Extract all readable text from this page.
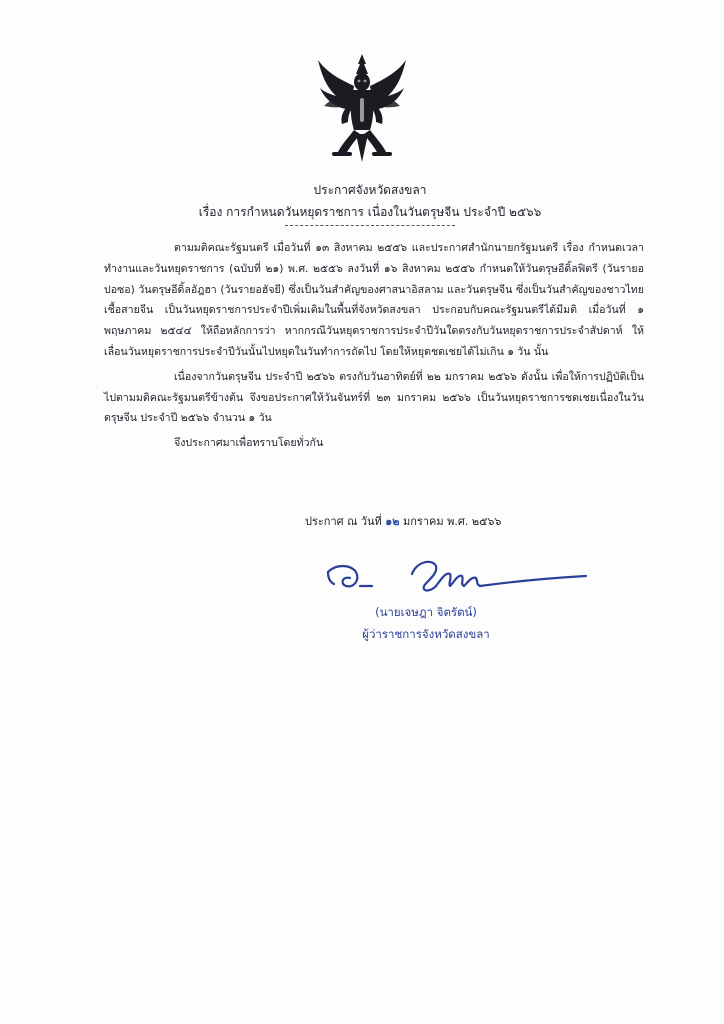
ประกาศจังหวัดสงขลา
เรื่อง การกำหนดวันหยุดราชการ เนื่องในวันตรุษจีน ประจำปี ๒๕๖๖

ตามมติคณะรัฐมนตรี เมื่อวันที่ ๑๓ สิงหาคม ๒๕๕๖ และประกาศสำนักนายกรัฐมนตรี เรื่อง กำหนดเวลาทำงานและวันหยุดราชการ (ฉบับที่ ๒๑) พ.ศ. ๒๕๕๖ ลงวันที่ ๑๖ สิงหาคม ๒๕๕๖ กำหนดให้วันตรุษอีดิ้ลฟิตรี (วันรายอปอซอ) วันตรุษอีดิ้ลอัฎฮา (วันรายอฮัจยี) ซึ่งเป็นวันสำคัญของศาสนาอิสลาม และวันตรุษจีน ซึ่งเป็นวันสำคัญของชาวไทยเชื้อสายจีน เป็นวันหยุดราชการประจำปีเพิ่มเติมในพื้นที่จังหวัดสงขลา ประกอบกับคณะรัฐมนตรีได้มีมติ เมื่อวันที่ ๑ พฤษภาคม ๒๕๔๔ ให้ถือหลักการว่า หากกรณีวันหยุดราชการประจำปีวันใดตรงกับวันหยุดราชการประจำสัปดาห์ ให้เลื่อนวันหยุดราชการประจำปีวันนั้นไปหยุดในวันทำการถัดไป โดยให้หยุดชดเชยได้ไม่เกิน ๑ วัน นั้น

เนื่องจากวันตรุษจีน ประจำปี ๒๕๖๖ ตรงกับวันอาทิตย์ที่ ๒๒ มกราคม ๒๕๖๖ ดังนั้น เพื่อให้การปฏิบัติเป็นไปตามมติคณะรัฐมนตรีข้างต้น จึงขอประกาศให้วันจันทร์ที่ ๒๓ มกราคม ๒๕๖๖ เป็นวันหยุดราชการชดเชยเนื่องในวันตรุษจีน ประจำปี ๒๕๖๖ จำนวน ๑ วัน

จึงประกาศมาเพื่อทราบโดยทั่วกัน

ประกาศ ณ วันที่ ๑๒ มกราคม พ.ศ. ๒๕๖๖
(นายเจษฎา จิตรัตน์)
ผู้ว่าราชการจังหวัดสงขลา
